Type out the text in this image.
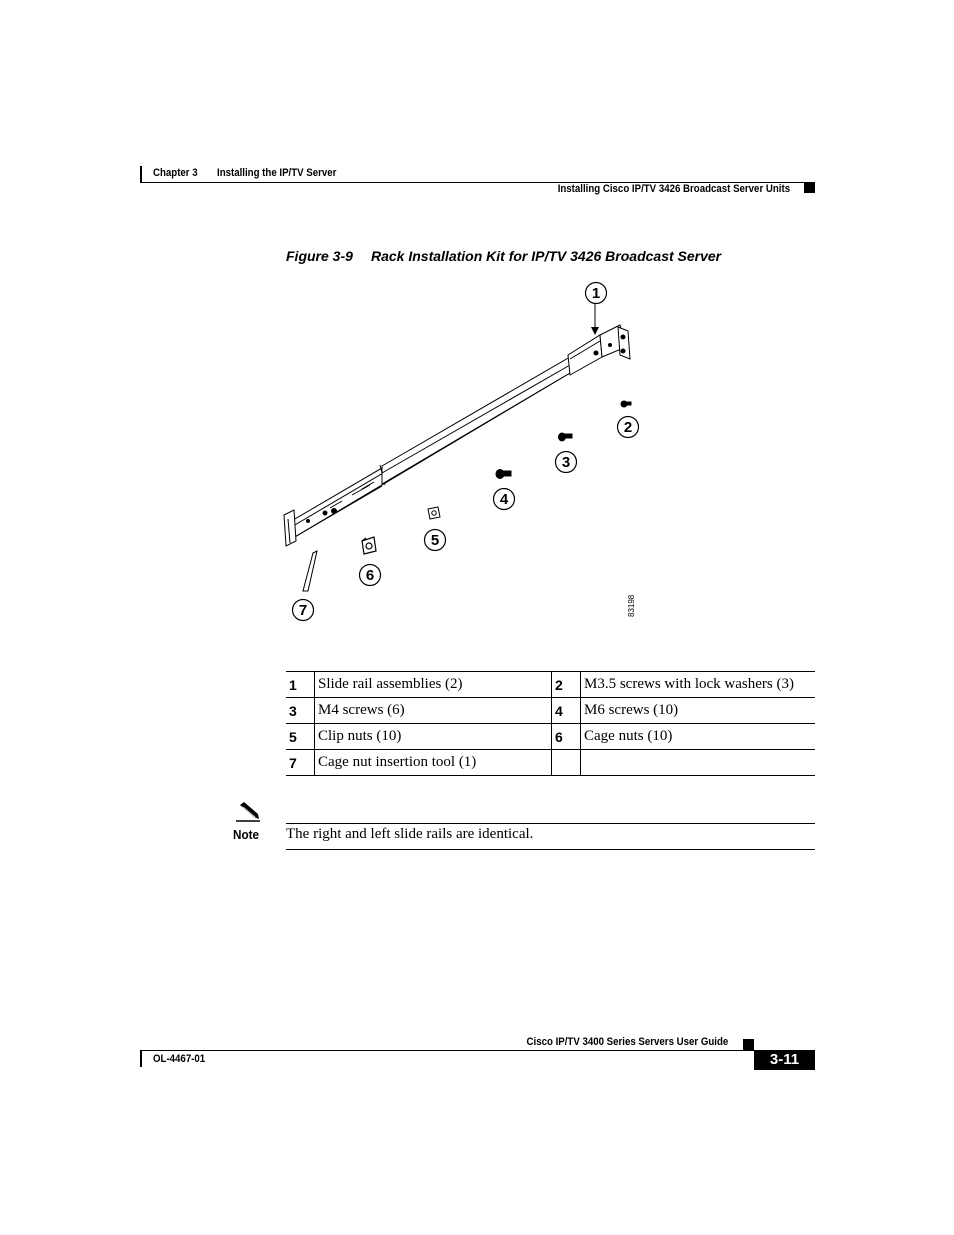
Chapter 3 Installing the IP/TV Server
Installing Cisco IP/TV 3426 Broadcast Server Units
Figure 3-9 Rack Installation Kit for IP/TV 3426 Broadcast Server
1
2
3
4
5
6
7	83198
1	Slide rail assemblies (2)	2	M3.5 screws with lock washers (3)
3	M4 screws (6)	4	M6 screws (10)
5	Clip nuts (10)	6	Cage nuts (10)
7	Cage nut insertion tool (1)		
Note The right and left slide rails are identical.
Cisco IP/TV 3400 Series Servers User Guide
OL-4467-01	3-11
